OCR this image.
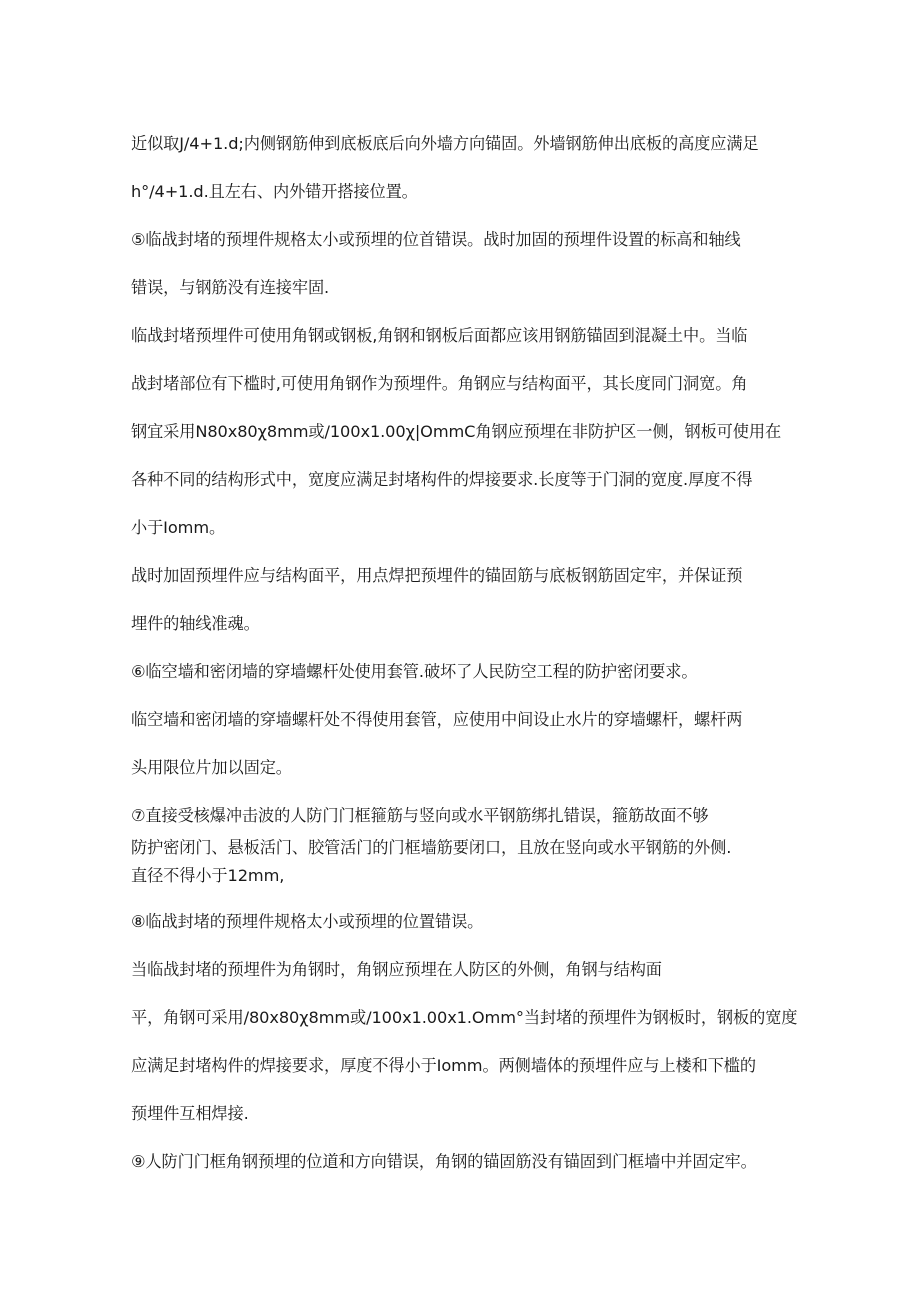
近似取J/4+1.d;内侧钢筋伸到底板底后向外墙方向锚固。外墙钢筋伸出底板的高度应满足
h°/4+1.d.且左右、内外错开搭接位置。
⑤临战封堵的预埋件规格太小或预埋的位首错误。战时加固的预埋件设置的标高和轴线
错误，与钢筋没有连接牢固.
临战封堵预埋件可使用角钢或钢板,角钢和钢板后面都应该用钢筋锚固到混凝土中。当临
战封堵部位有下槛时,可使用角钢作为预埋件。角钢应与结构面平，其长度同门洞宽。角
钢宜采用N80x80χ8mm或/100x1.00χ|OmmC角钢应预埋在非防护区一侧，钢板可使用在
各种不同的结构形式中，宽度应满足封堵构件的焊接要求.长度等于门洞的宽度.厚度不得
小于Iomm。
战时加固预埋件应与结构面平，用点焊把预埋件的锚固筋与底板钢筋固定牢，并保证预
埋件的轴线准魂。
⑥临空墙和密闭墙的穿墙螺杆处使用套管.破坏了人民防空工程的防护密闭要求。
临空墙和密闭墙的穿墙螺杆处不得使用套管，应使用中间设止水片的穿墙螺杆，螺杆两
头用限位片加以固定。
⑦直接受核爆冲击波的人防门门框箍筋与竖向或水平钢筋绑扎错误，箍筋故面不够
防护密闭门、悬板活门、胶管活门的门框墙筋要闭口，且放在竖向或水平钢筋的外侧.
直径不得小于12mm,
⑧临战封堵的预埋件规格太小或预埋的位置错误。
当临战封堵的预埋件为角钢时，角钢应预埋在人防区的外侧，角钢与结构面
平，角钢可采用/80x80χ8mm或/100x1.00x1.Omm°当封堵的预埋件为钢板时，钢板的宽度
应满足封堵构件的焊接要求，厚度不得小于Iomm。两侧墙体的预埋件应与上楼和下槛的
预埋件互相焊接.
⑨人防门门框角钢预埋的位道和方向错误，角钢的锚固筋没有锚固到门框墙中并固定牢。
